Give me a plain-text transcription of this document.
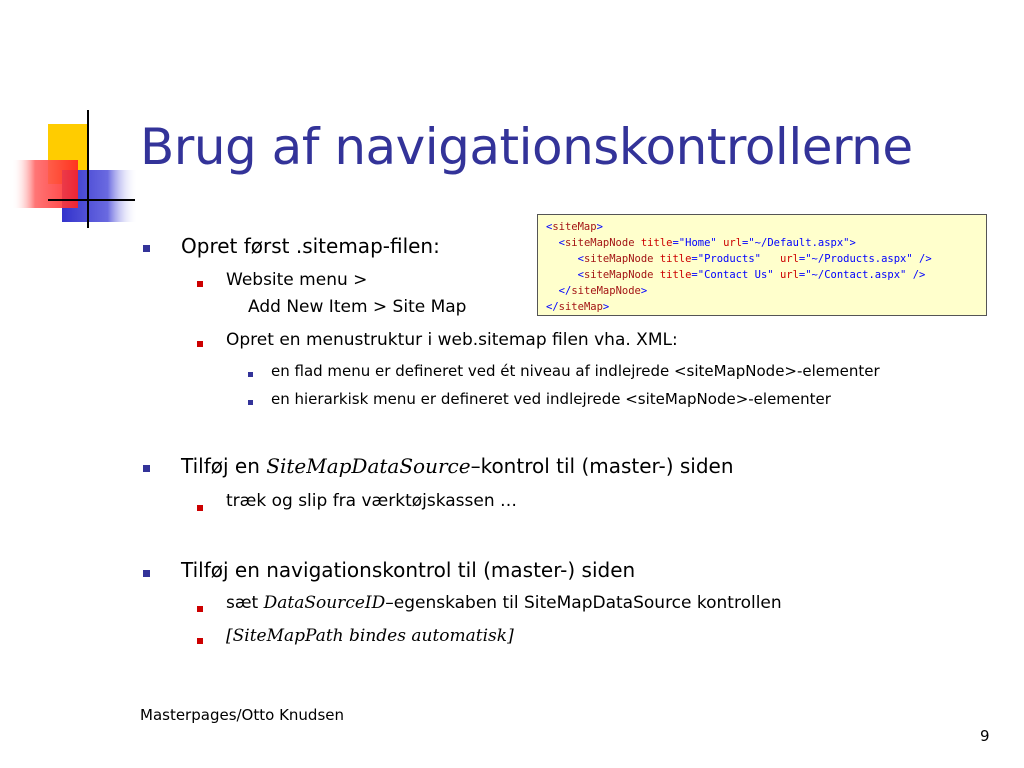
Brug af navigationskontrollerne
Opret først .sitemap-filen:
Website menu >
Add New Item > Site Map
Opret en menustruktur i web.sitemap filen vha. XML:
en flad menu er defineret ved ét niveau af indlejrede <siteMapNode>-elementer
en hierarkisk menu er defineret ved indlejrede <siteMapNode>-elementer
Tilføj en SiteMapDataSource–kontrol til (master-) siden
træk og slip fra værktøjskassen …
Tilføj en navigationskontrol til (master-) siden
sæt DataSourceID–egenskaben til SiteMapDataSource kontrollen
[SiteMapPath bindes automatisk]
<siteMap>
<siteMapNode title="Home" url="~/Default.aspx">
<siteMapNode title="Products" url="~/Products.aspx" />
<siteMapNode title="Contact Us" url="~/Contact.aspx" />
</siteMapNode>
</siteMap>
Masterpages/Otto Knudsen
9
